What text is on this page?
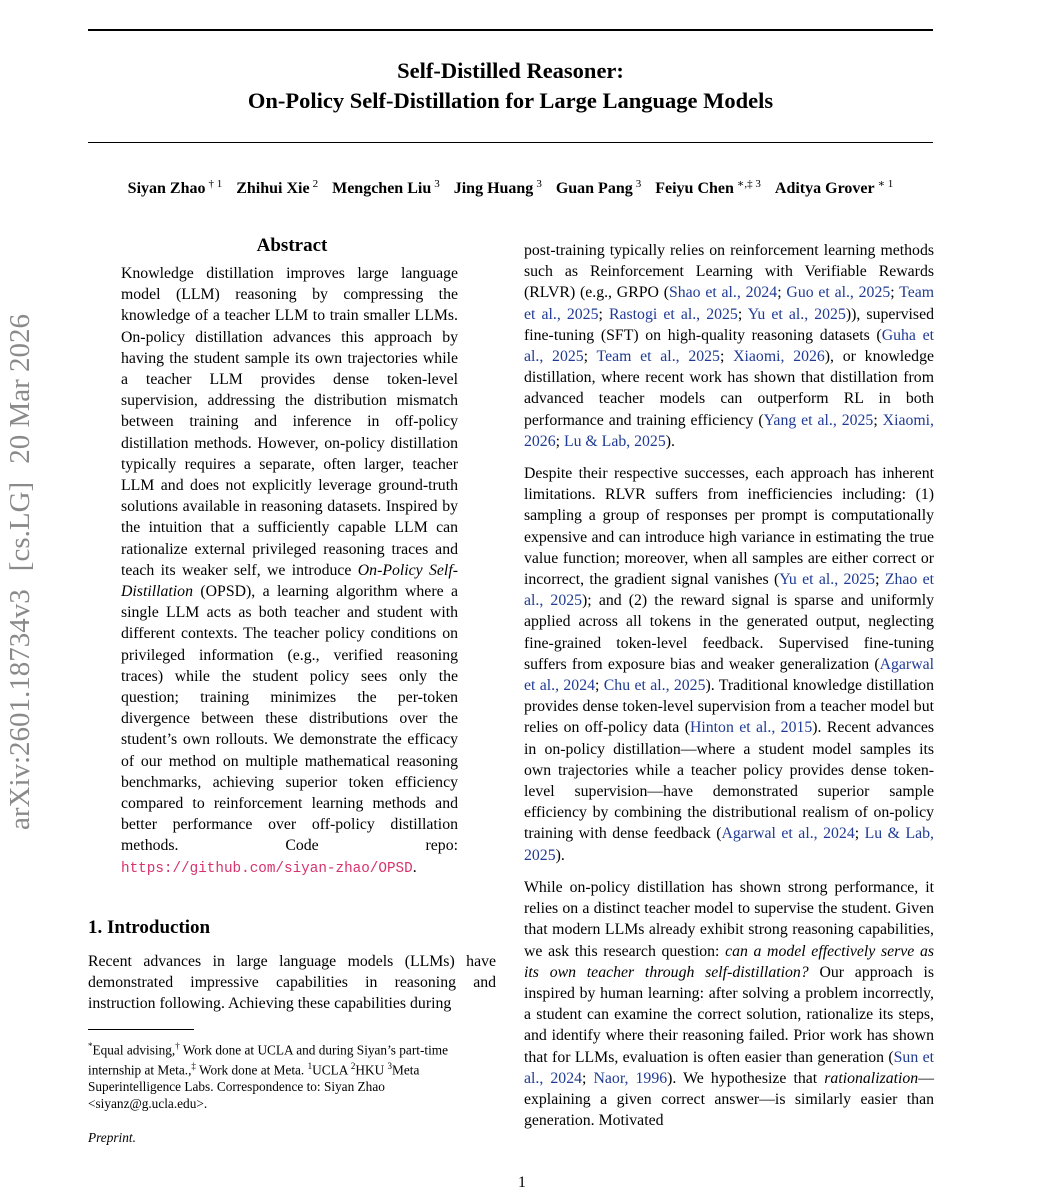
Self-Distilled Reasoner:
On-Policy Self-Distillation for Large Language Models
Siyan Zhao $^{\dagger 1}$ Zhihui Xie $^2$ Mengchen Liu $^3$ Jing Huang $^3$ Guan Pang $^3$ Feiyu Chen $^{∗,\ddagger 3}$ Aditya Grover $^{∗ 1}$
arXiv:2601.18734v3[cs.LG]20 Mar 2026
Abstract
Knowledge distillation improves large language model (LLM) reasoning by compressing the knowledge of a teacher LLM to train smaller LLMs. On-policy distillation advances this approach by having the student sample its own trajectories while a teacher LLM provides dense token-level supervision, addressing the distribution mismatch between training and inference in off-policy distillation methods. However, on-policy distillation typically requires a separate, often larger, teacher LLM and does not explicitly leverage ground-truth solutions available in reasoning datasets. Inspired by the intuition that a sufficiently capable LLM can rationalize external privileged reasoning traces and teach its weaker self, we introduce On-Policy Self-Distillation (OPSD), a learning algorithm where a single LLM acts as both teacher and student with different contexts. The teacher policy conditions on privileged information (e.g., verified reasoning traces) while the student policy sees only the question; training minimizes the per-token divergence between these distributions over the student’s own rollouts. We demonstrate the efficacy of our method on multiple mathematical reasoning benchmarks, achieving superior token efficiency compared to reinforcement learning methods and better performance over off-policy distillation methods. Code repo: https://github.com/siyan-zhao/OPSD.
1. Introduction

Recent advances in large language models (LLMs) have demonstrated impressive capabilities in reasoning and instruction following. Achieving these capabilities during

*Equal advising,† Work done at UCLA and during Siyan’s part-time internship at Meta.,‡ Work done at Meta. $^1$UCLA $^2$HKU $^3$Meta Superintelligence Labs. Correspondence to: Siyan Zhao <siyanz@g.ucla.edu>.
Preprint.

post-training typically relies on reinforcement learning methods such as Reinforcement Learning with Verifiable Rewards (RLVR) (e.g., GRPO (Shao et al., 2024; Guo et al., 2025; Team et al., 2025; Rastogi et al., 2025; Yu et al., 2025)), supervised fine-tuning (SFT) on high-quality reasoning datasets (Guha et al., 2025; Team et al., 2025; Xiaomi, 2026), or knowledge distillation, where recent work has shown that distillation from advanced teacher models can outperform RL in both performance and training efficiency (Yang et al., 2025; Xiaomi, 2026; Lu & Lab, 2025).

Despite their respective successes, each approach has inherent limitations. RLVR suffers from inefficiencies including: (1) sampling a group of responses per prompt is computationally expensive and can introduce high variance in estimating the true value function; moreover, when all samples are either correct or incorrect, the gradient signal vanishes (Yu et al., 2025; Zhao et al., 2025); and (2) the reward signal is sparse and uniformly applied across all tokens in the generated output, neglecting fine-grained token-level feedback. Supervised fine-tuning suffers from exposure bias and weaker generalization (Agarwal et al., 2024; Chu et al., 2025). Traditional knowledge distillation provides dense token-level supervision from a teacher model but relies on off-policy data (Hinton et al., 2015). Recent advances in on-policy distillation—where a student model samples its own trajectories while a teacher policy provides dense token-level supervision—have demonstrated superior sample efficiency by combining the distributional realism of on-policy training with dense feedback (Agarwal et al., 2024; Lu & Lab, 2025).

While on-policy distillation has shown strong performance, it relies on a distinct teacher model to supervise the student. Given that modern LLMs already exhibit strong reasoning capabilities, we ask this research question: can a model effectively serve as its own teacher through self-distillation? Our approach is inspired by human learning: after solving a problem incorrectly, a student can examine the correct solution, rationalize its steps, and identify where their reasoning failed. Prior work has shown that for LLMs, evaluation is often easier than generation (Sun et al., 2024; Naor, 1996). We hypothesize that rationalization—explaining a given correct answer—is similarly easier than generation. Motivated

1
